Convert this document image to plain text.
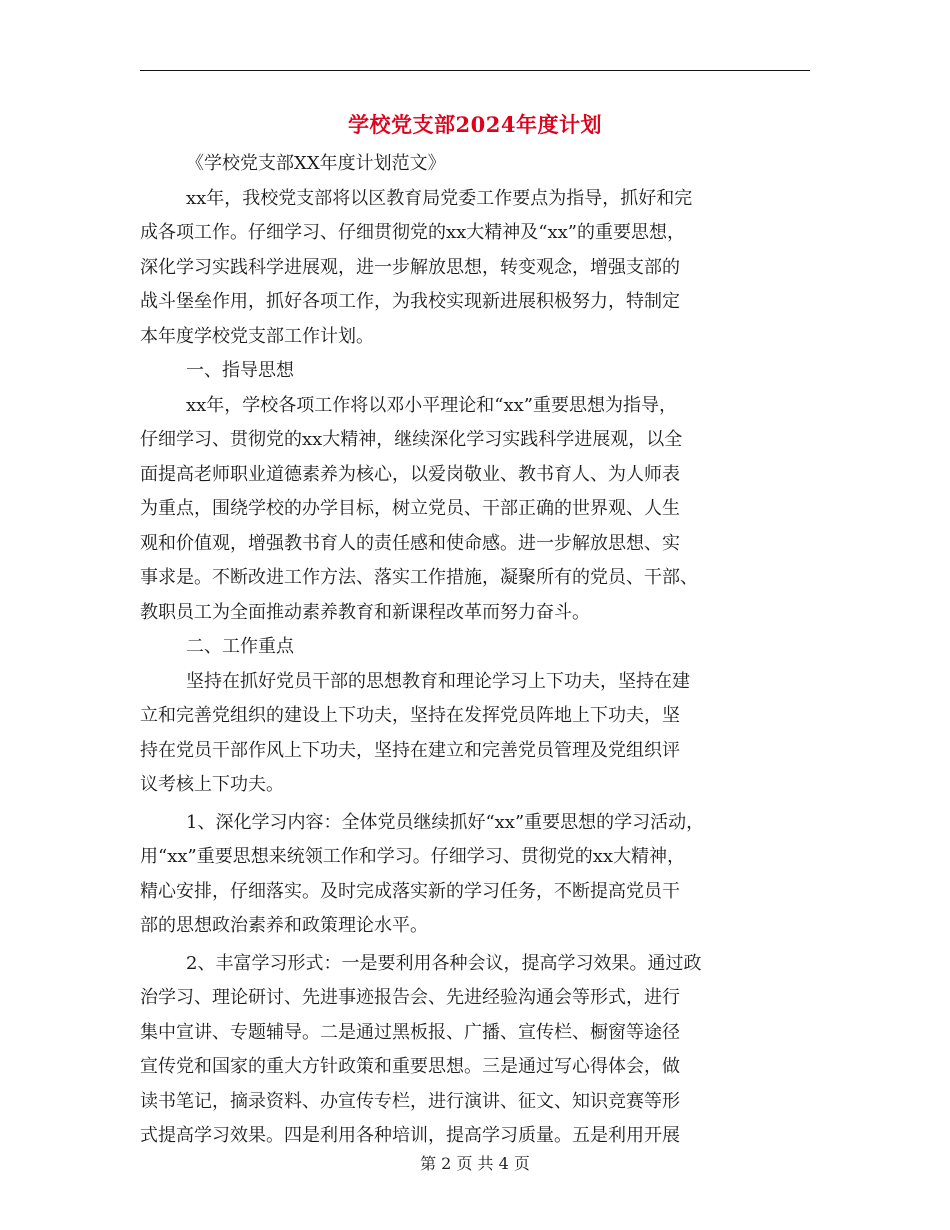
学校党支部2024年度计划
《学校党支部XX年度计划范文》
xx年，我校党支部将以区教育局党委工作要点为指导，抓好和完
成各项工作。仔细学习、仔细贯彻党的xx大精神及“xx”的重要思想，
深化学习实践科学进展观，进一步解放思想，转变观念，增强支部的
战斗堡垒作用，抓好各项工作，为我校实现新进展积极努力，特制定
本年度学校党支部工作计划。
一、指导思想
xx年，学校各项工作将以邓小平理论和“xx”重要思想为指导，
仔细学习、贯彻党的xx大精神，继续深化学习实践科学进展观，以全
面提高老师职业道德素养为核心，以爱岗敬业、教书育人、为人师表
为重点，围绕学校的办学目标，树立党员、干部正确的世界观、人生
观和价值观，增强教书育人的责任感和使命感。进一步解放思想、实
事求是。不断改进工作方法、落实工作措施，凝聚所有的党员、干部、
教职员工为全面推动素养教育和新课程改革而努力奋斗。
二、工作重点
坚持在抓好党员干部的思想教育和理论学习上下功夫，坚持在建
立和完善党组织的建设上下功夫，坚持在发挥党员阵地上下功夫，坚
持在党员干部作风上下功夫，坚持在建立和完善党员管理及党组织评
议考核上下功夫。
1、深化学习内容：全体党员继续抓好“xx”重要思想的学习活动，
用“xx”重要思想来统领工作和学习。仔细学习、贯彻党的xx大精神，
精心安排，仔细落实。及时完成落实新的学习任务，不断提高党员干
部的思想政治素养和政策理论水平。
2、丰富学习形式：一是要利用各种会议，提高学习效果。通过政
治学习、理论研讨、先进事迹报告会、先进经验沟通会等形式，进行
集中宣讲、专题辅导。二是通过黑板报、广播、宣传栏、橱窗等途径
宣传党和国家的重大方针政策和重要思想。三是通过写心得体会，做
读书笔记，摘录资料、办宣传专栏，进行演讲、征文、知识竞赛等形
式提高学习效果。四是利用各种培训，提高学习质量。五是利用开展
第 2 页 共 4 页
